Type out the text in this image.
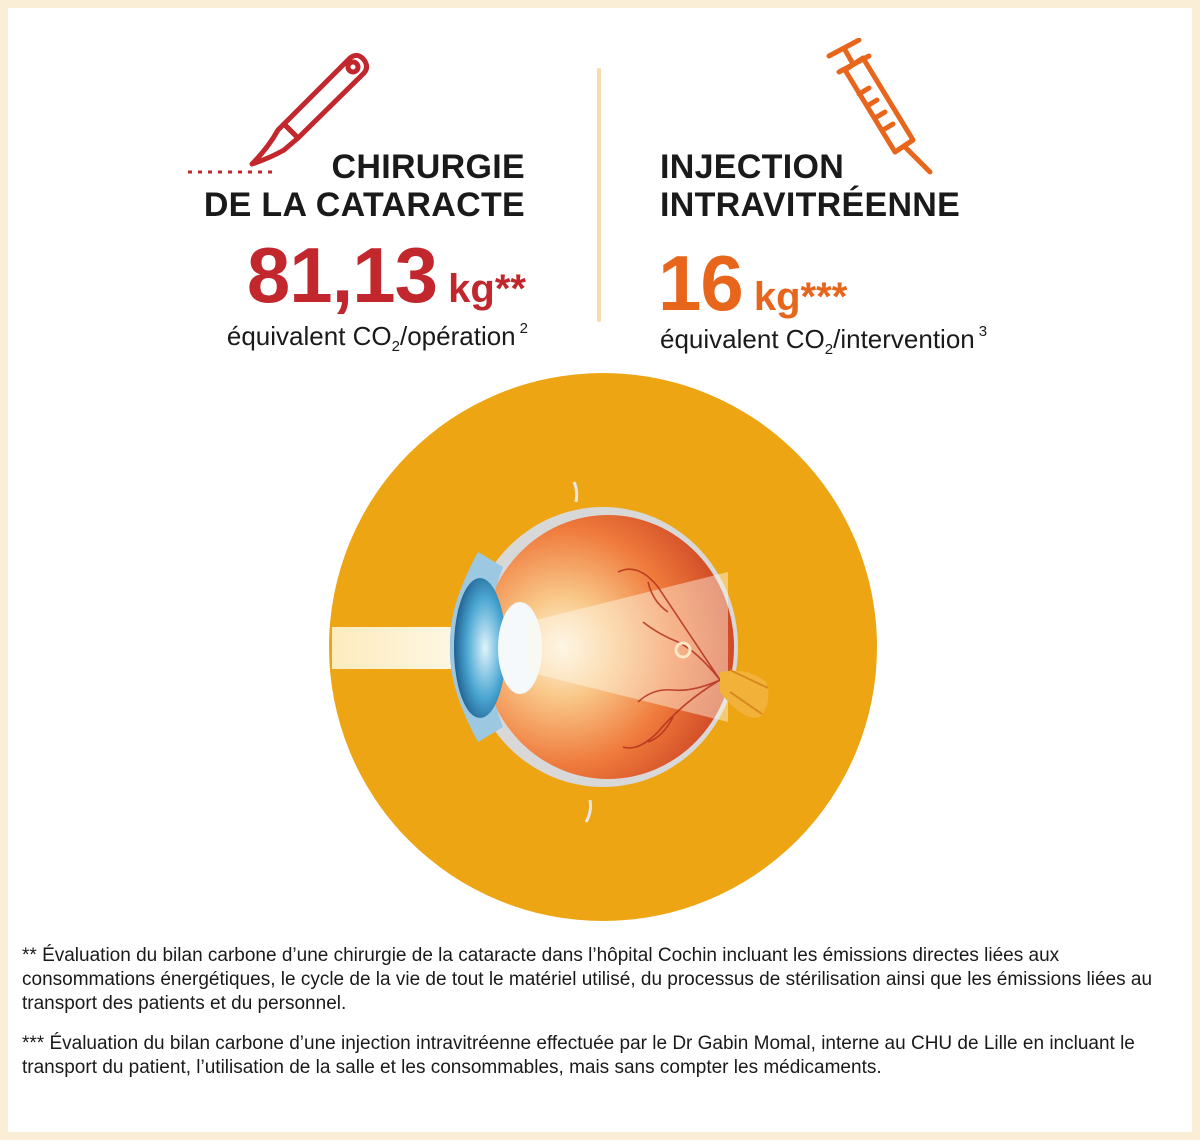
CHIRURGIE
DE LA CATARACTE
81,13 kg**
équivalent $CO_2$/opération $^2$
INJECTION
INTRAVITRÉENNE
16 kg***
équivalent $CO_2$/intervention $^3$
** Évaluation du bilan carbone d’une chirurgie de la cataracte dans l’hôpital Cochin incluant les émissions directes liées aux consommations énergétiques, le cycle de la vie de tout le matériel utilisé, du processus de stérilisation ainsi que les émissions liées au transport des patients et du personnel.
*** Évaluation du bilan carbone d’une injection intravitréenne effectuée par le Dr Gabin Momal, interne au CHU de Lille en incluant le transport du patient, l’utilisation de la salle et les consommables, mais sans compter les médicaments.
